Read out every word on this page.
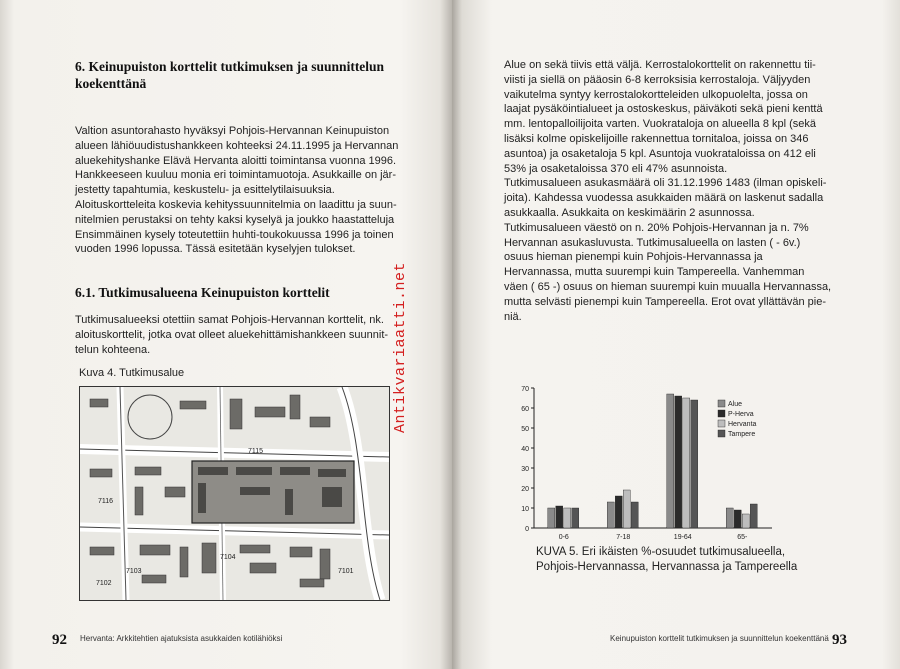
6. Keinupuiston korttelit tutkimuksen ja suunnittelun
koekenttänä
Valtion asuntorahasto hyväksyi Pohjois-Hervannan Keinupuiston
alueen lähiöuudistushankkeen kohteeksi 24.11.1995 ja Hervannan
aluekehityshanke Elävä Hervanta aloitti toimintansa vuonna 1996.
Hankkeeseen kuuluu monia eri toimintamuotoja. Asukkaille on jär-
jestetty tapahtumia, keskustelu- ja esittelytilaisuuksia.
Aloituskortteleita koskevia kehityssuunnitelmia on laadittu ja suun-
nitelmien perustaksi on tehty kaksi kyselyä ja joukko haastatteluja
Ensimmäinen kysely toteutettiin huhti-toukokuussa 1996 ja toinen
vuoden 1996 lopussa. Tässä esitetään kyselyjen tulokset.
6.1. Tutkimusalueena Keinupuiston korttelit
Tutkimusalueeksi otettiin samat Pohjois-Hervannan korttelit, nk.
aloituskorttelit, jotka ovat olleet aluekehittämishankkeen suunnit-
telun kohteena.
Kuva 4. Tutkimusalue
7115
7103
7104
7102
7116
7101
Antikvariaatti.net
92 Hervanta: Arkkitehtien ajatuksista asukkaiden kotilähiöksi
Alue on sekä tiivis että väljä. Kerrostalokorttelit on rakennettu tii-
viisti ja siellä on pääosin 6-8 kerroksisia kerrostaloja. Väljyyden
vaikutelma syntyy kerrostalokortteleiden ulkopuolelta, jossa on
laajat pysäköintialueet ja ostoskeskus, päiväkoti sekä pieni kenttä
mm. lentopalloilijoita varten. Vuokrataloja on alueella 8 kpl (sekä
lisäksi kolme opiskelijoille rakennettua tornitaloa, joissa on 346
asuntoa) ja osaketaloja 5 kpl. Asuntoja vuokrataloissa on 412 eli
53% ja osaketaloissa 370 eli 47% asunnoista.
Tutkimusalueen asukasmäärä oli 31.12.1996 1483 (ilman opiskeli-
joita). Kahdessa vuodessa asukkaiden määrä on laskenut sadalla
asukkaalla. Asukkaita on keskimäärin 2 asunnossa.
Tutkimusalueen väestö on n. 20% Pohjois-Hervannan ja n. 7%
Hervannan asukasluvusta. Tutkimusalueella on lasten ( - 6v.)
osuus hieman pienempi kuin Pohjois-Hervannassa ja
Hervannassa, mutta suurempi kuin Tampereella. Vanhemman
väen ( 65 -) osuus on hieman suurempi kuin muualla Hervannassa,
mutta selvästi pienempi kuin Tampereella. Erot ovat yllättävän pie-
niä.
KUVA 5. Eri ikäisten %-osuudet tutkimusalueella,
Pohjois-Hervannassa, Hervannassa ja Tampereella
93
Keinupuiston korttelit tutkimuksen ja suunnittelun koekenttänä
0
10
20
30
40
50
60
70
0-6	7-18	19-64	65-
Alue
P-Herva
Hervanta
Tampere
